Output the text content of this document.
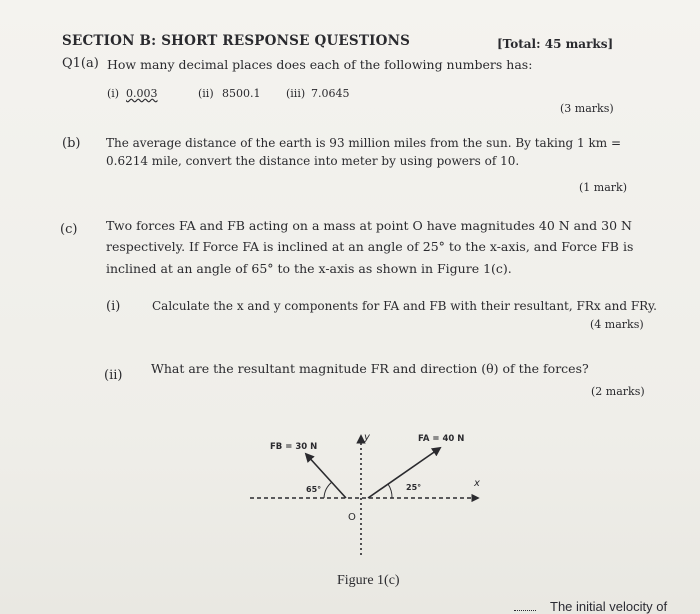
SECTION B: SHORT RESPONSE QUESTIONS	[Total: 45 marks]
Q1(a) How many decimal places does each of the following numbers has:
(i) 0.003	(ii) 8500.1 (iii) 7.0645
(3 marks)
(b) The average distance of the earth is 93 million miles from the sun. By taking 1 km =
0.6214 mile, convert the distance into meter by using powers of 10.
(1 mark)
(c) Two forces FA and FB acting on a mass at point O have magnitudes 40 N and 30 N
respectively. If Force FA is inclined at an angle of 25° to the x-axis, and Force FB is
inclined at an angle of 65° to the x-axis as shown in Figure 1(c).
(i)	Calculate the x and y components for FA and FB with their resultant, FRx and FRy.
(4 marks)
(ii) What are the resultant magnitude FR and direction (θ) of the forces?
(2 marks)
FB = 30 N
FA = 40 N
65°	25°	x
y
O
Figure 1(c)
The initial velocity of
